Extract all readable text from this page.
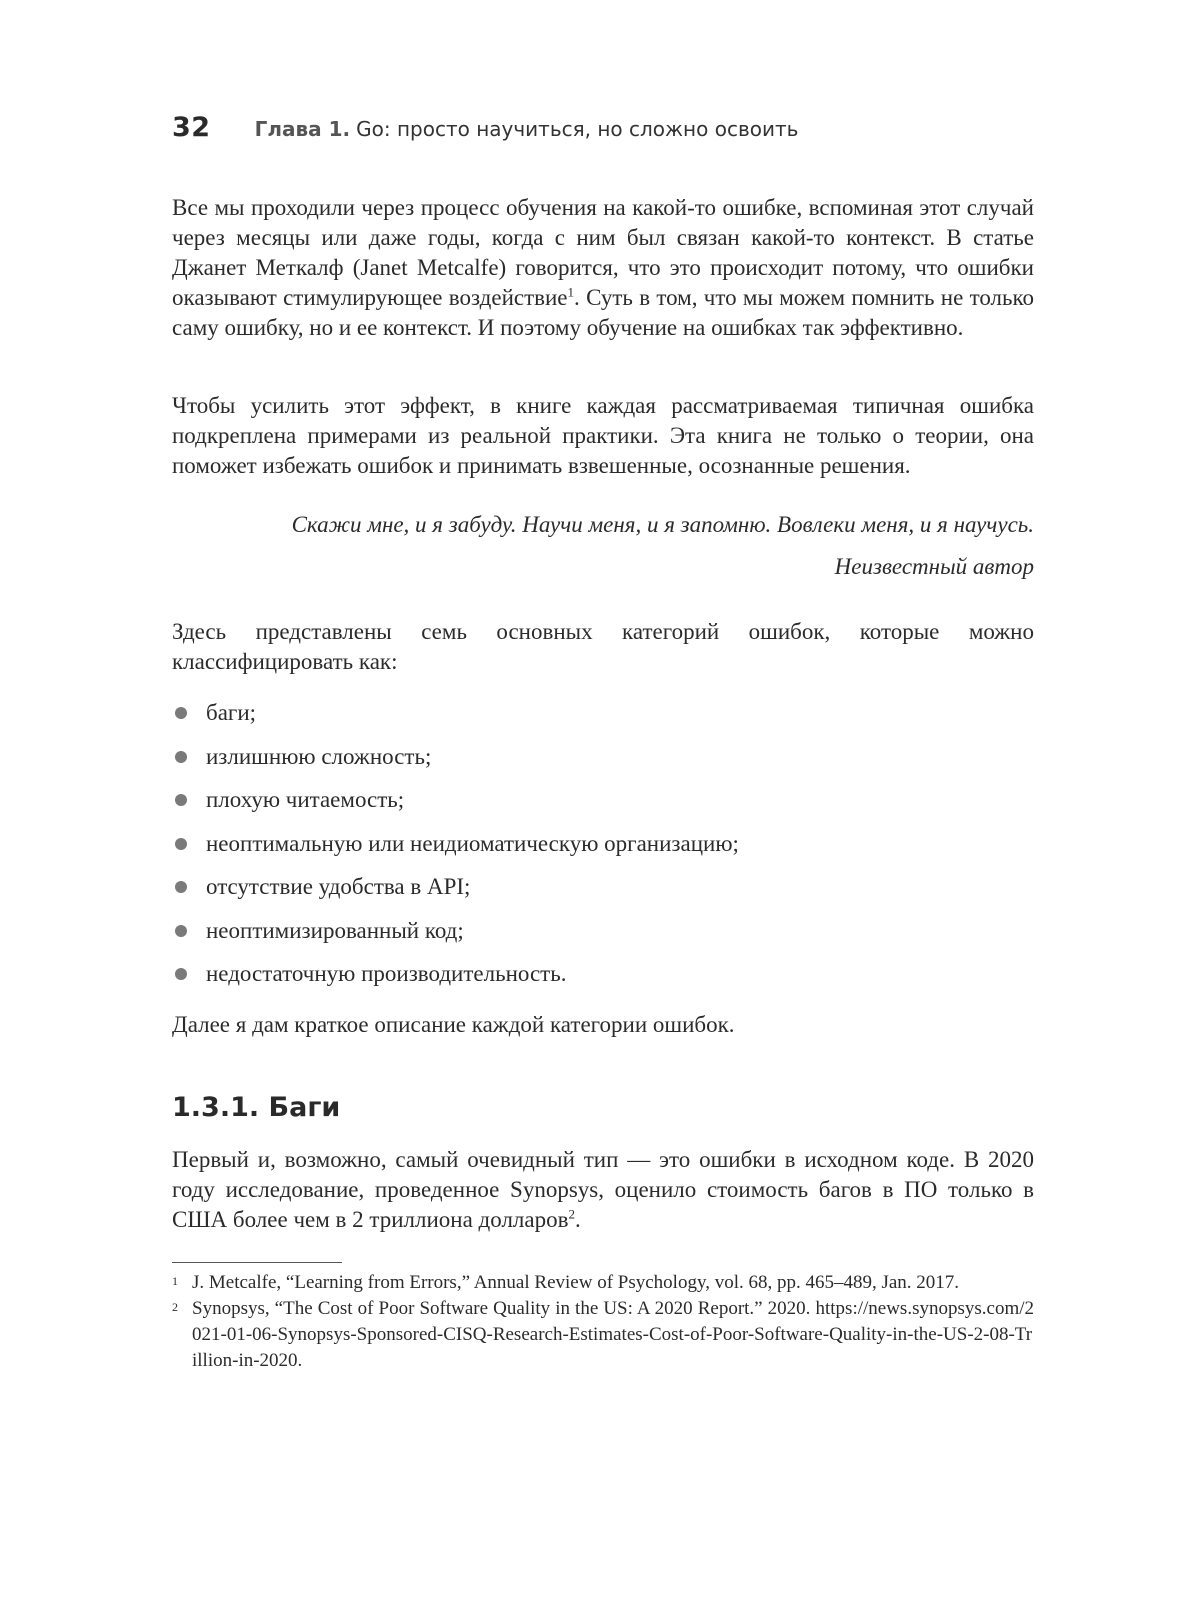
32 Глава 1. Go: просто научиться, но сложно освоить

Все мы проходили через процесс обучения на какой-то ошибке, вспоминая этот случай через месяцы или даже годы, когда с ним был связан какой-то контекст. В статье Джанет Меткалф (Janet Metcalfe) говорится, что это происходит потому, что ошибки оказывают стимулирующее воздействие$^1$. Суть в том, что мы можем помнить не только саму ошибку, но и ее контекст. И поэтому обучение на ошибках так эффективно.

Чтобы усилить этот эффект, в книге каждая рассматриваемая типичная ошибка подкреплена примерами из реальной практики. Эта книга не только о теории, она поможет избежать ошибок и принимать взвешенные, осознанные решения.

Скажи мне, и я забуду. Научи меня, и я запомню. Вовлеки меня, и я научусь.
Неизвестный автор

Здесь представлены семь основных категорий ошибок, которые можно классифицировать как:

баги;
излишнюю сложность;
плохую читаемость;
неоптимальную или неидиоматическую организацию;
отсутствие удобства в API;
неоптимизированный код;
недостаточную производительность.

Далее я дам краткое описание каждой категории ошибок.

1.3.1. Баги

Первый и, возможно, самый очевидный тип — это ошибки в исходном коде. В 2020 году исследование, проведенное Synopsys, оценило стоимость багов в ПО только в США более чем в 2 триллиона долларов$^2$.

1 J. Metcalfe, “Learning from Errors,” Annual Review of Psychology, vol. 68, pp. 465–489, Jan. 2017.
2 Synopsys, “The Cost of Poor Software Quality in the US: A 2020 Report.” 2020. https://news.synopsys.com/2021-01-06-Synopsys-Sponsored-CISQ-Research-Estimates-Cost-of-Poor-Software-Quality-in-the-US-2-08-Trillion-in-2020.
